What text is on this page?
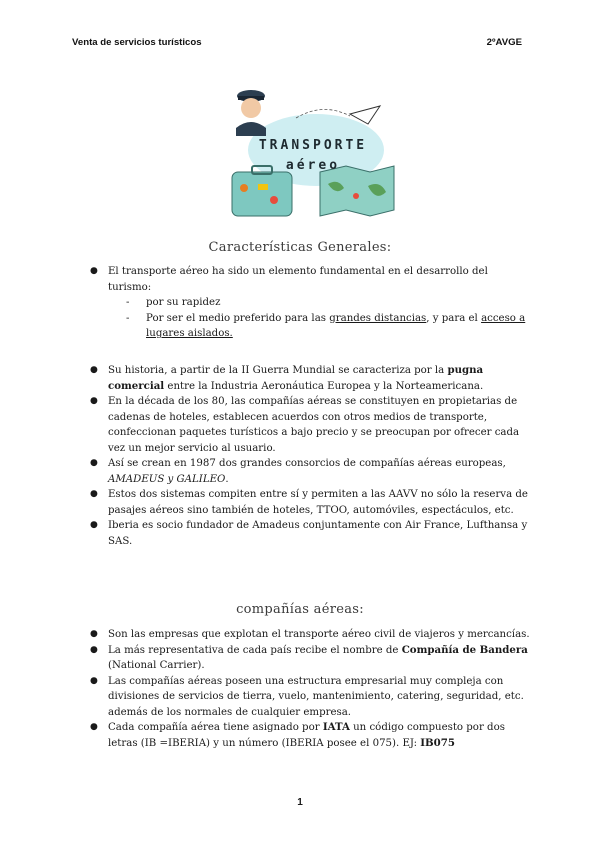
Venta de servicios turísticos	2ºAVGE
TRANSPORTE
aéreo
Características Generales:
● El transporte aéreo ha sido un elemento fundamental en el desarrollo del turismo:
- por su rapidez
- Por ser el medio preferido para las grandes distancias, y para el acceso a lugares aislados.
● Su historia, a partir de la II Guerra Mundial se caracteriza por la pugna comercial entre la Industria Aeronáutica Europea y la Norteamericana.
● En la década de los 80, las compañías aéreas se constituyen en propietarias de cadenas de hoteles, establecen acuerdos con otros medios de transporte, confeccionan paquetes turísticos a bajo precio y se preocupan por ofrecer cada vez un mejor servicio al usuario.
● Así se crean en 1987 dos grandes consorcios de compañías aéreas europeas, AMADEUS y GALILEO.
● Estos dos sistemas compiten entre sí y permiten a las AAVV no sólo la reserva de pasajes aéreos sino también de hoteles, TTOO, automóviles, espectáculos, etc.
● Iberia es socio fundador de Amadeus conjuntamente con Air France, Lufthansa y SAS.
compañías aéreas:
● Son las empresas que explotan el transporte aéreo civil de viajeros y mercancías.
● La más representativa de cada país recibe el nombre de Compañía de Bandera (National Carrier).
● Las compañías aéreas poseen una estructura empresarial muy compleja con divisiones de servicios de tierra, vuelo, mantenimiento, catering, seguridad, etc. además de los normales de cualquier empresa.
● Cada compañía aérea tiene asignado por IATA un código compuesto por dos letras (IB =IBERIA) y un número (IBERIA posee el 075). EJ: IB075
1
